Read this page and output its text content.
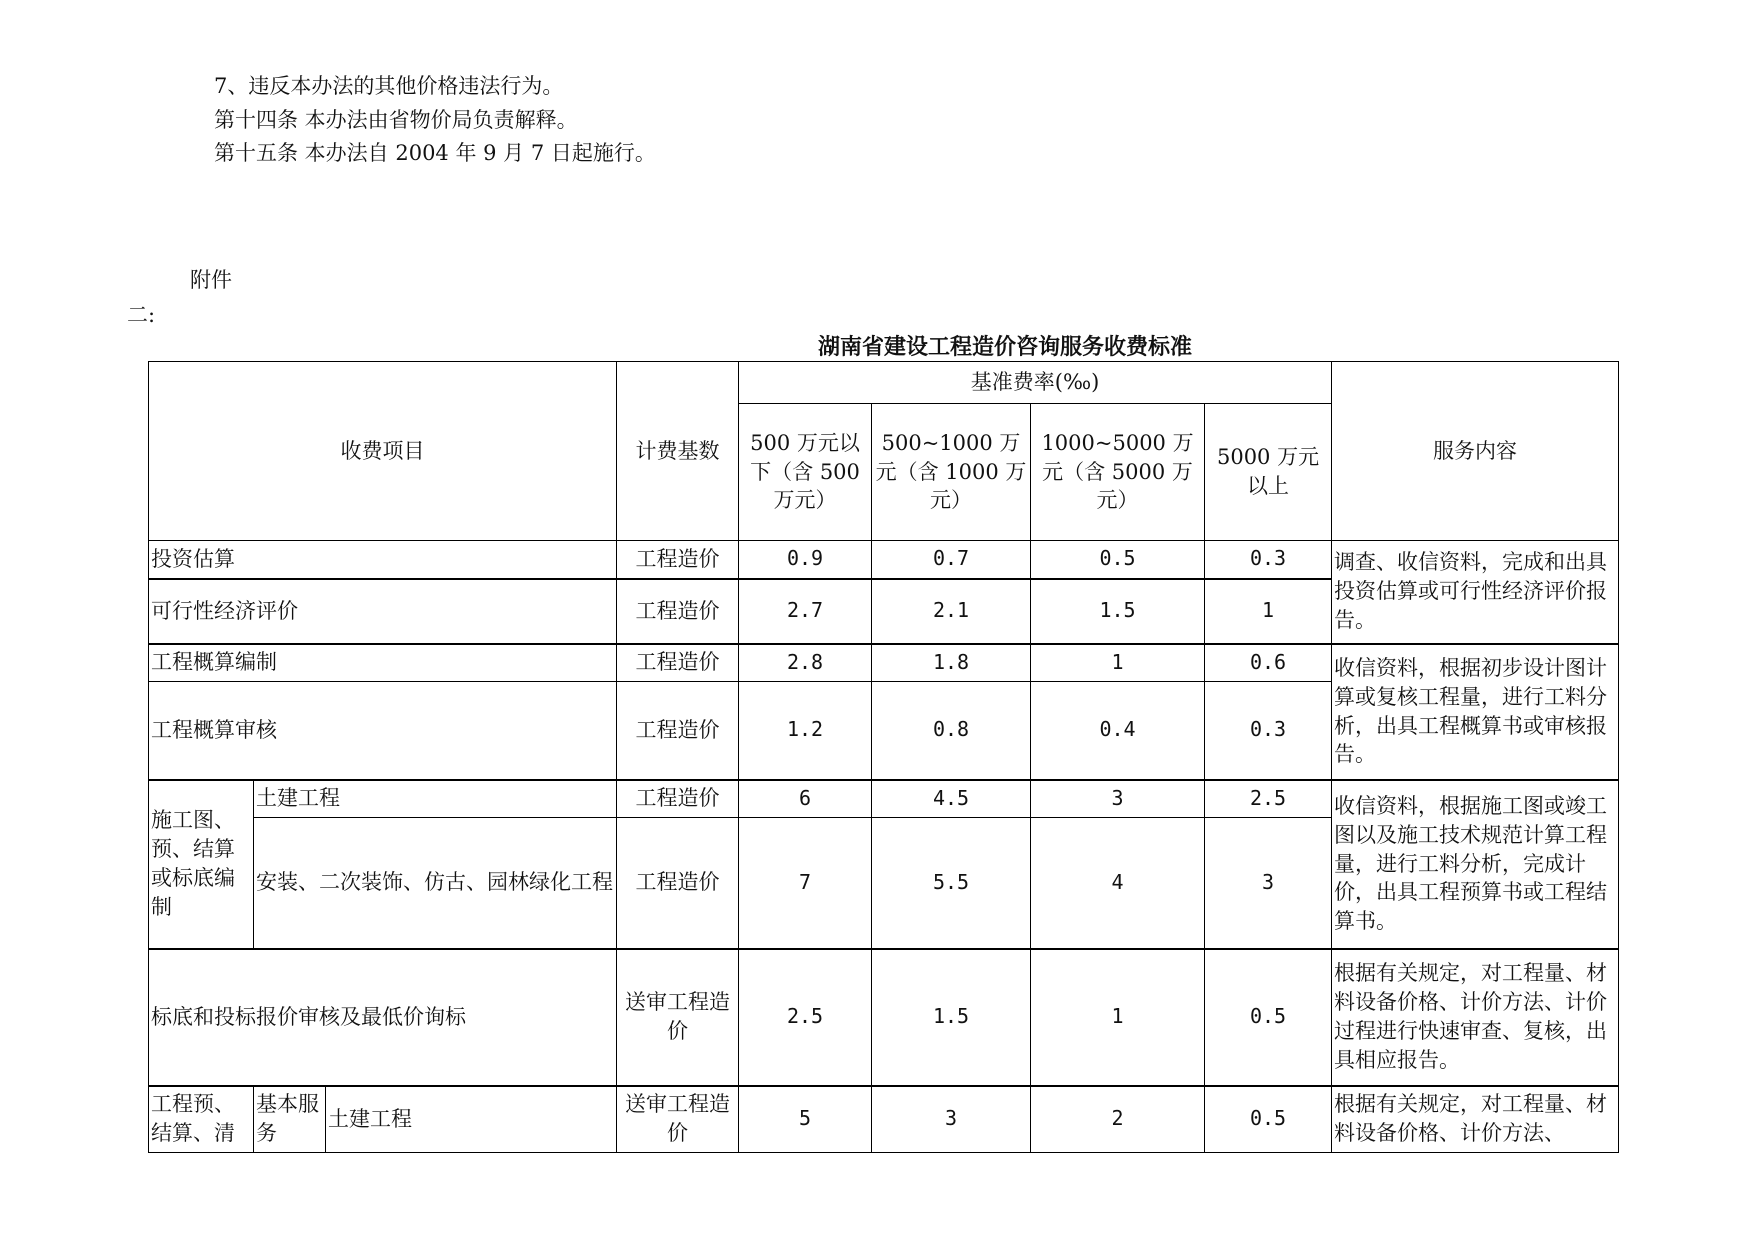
7、违反本办法的其他价格违法行为。
第十四条 本办法由省物价局负责解释。
第十五条 本办法自 2004 年 9 月 7 日起施行。
附件
二:
湖南省建设工程造价咨询服务收费标准
收费项目			计费基数	基准费率(‰)				服务内容
				500 万元以下（含 500 万元）	500~1000 万元（含 1000 万元）	1000~5000 万元（含 5000 万元）	5000 万元以上	
投资估算			工程造价	0.9	0.7	0.5	0.3	调查、收信资料，完成和出具投资估算或可行性经济评价报告。
可行性经济评价			工程造价	2.7	2.1	1.5	1	
工程概算编制			工程造价	2.8	1.8	1	0.6	收信资料，根据初步设计图计算或复核工程量，进行工料分析，出具工程概算书或审核报告。
工程概算审核			工程造价	1.2	0.8	0.4	0.3	
施工图、预、结算或标底编制	土建工程		工程造价	6	4.5	3	2.5	收信资料，根据施工图或竣工图以及施工技术规范计算工程量，进行工料分析，完成计价，出具工程预算书或工程结算书。
	安装、二次装饰、仿古、园林绿化工程		工程造价	7	5.5	4	3	
标底和投标报价审核及最低价询标			送审工程造价	2.5	1.5	1	0.5	根据有关规定，对工程量、材料设备价格、计价方法、计价过程进行快速审查、复核，出具相应报告。
工程预、结算、清	基本服务	土建工程	送审工程造价	5	3	2	0.5	根据有关规定，对工程量、材料设备价格、计价方法、
